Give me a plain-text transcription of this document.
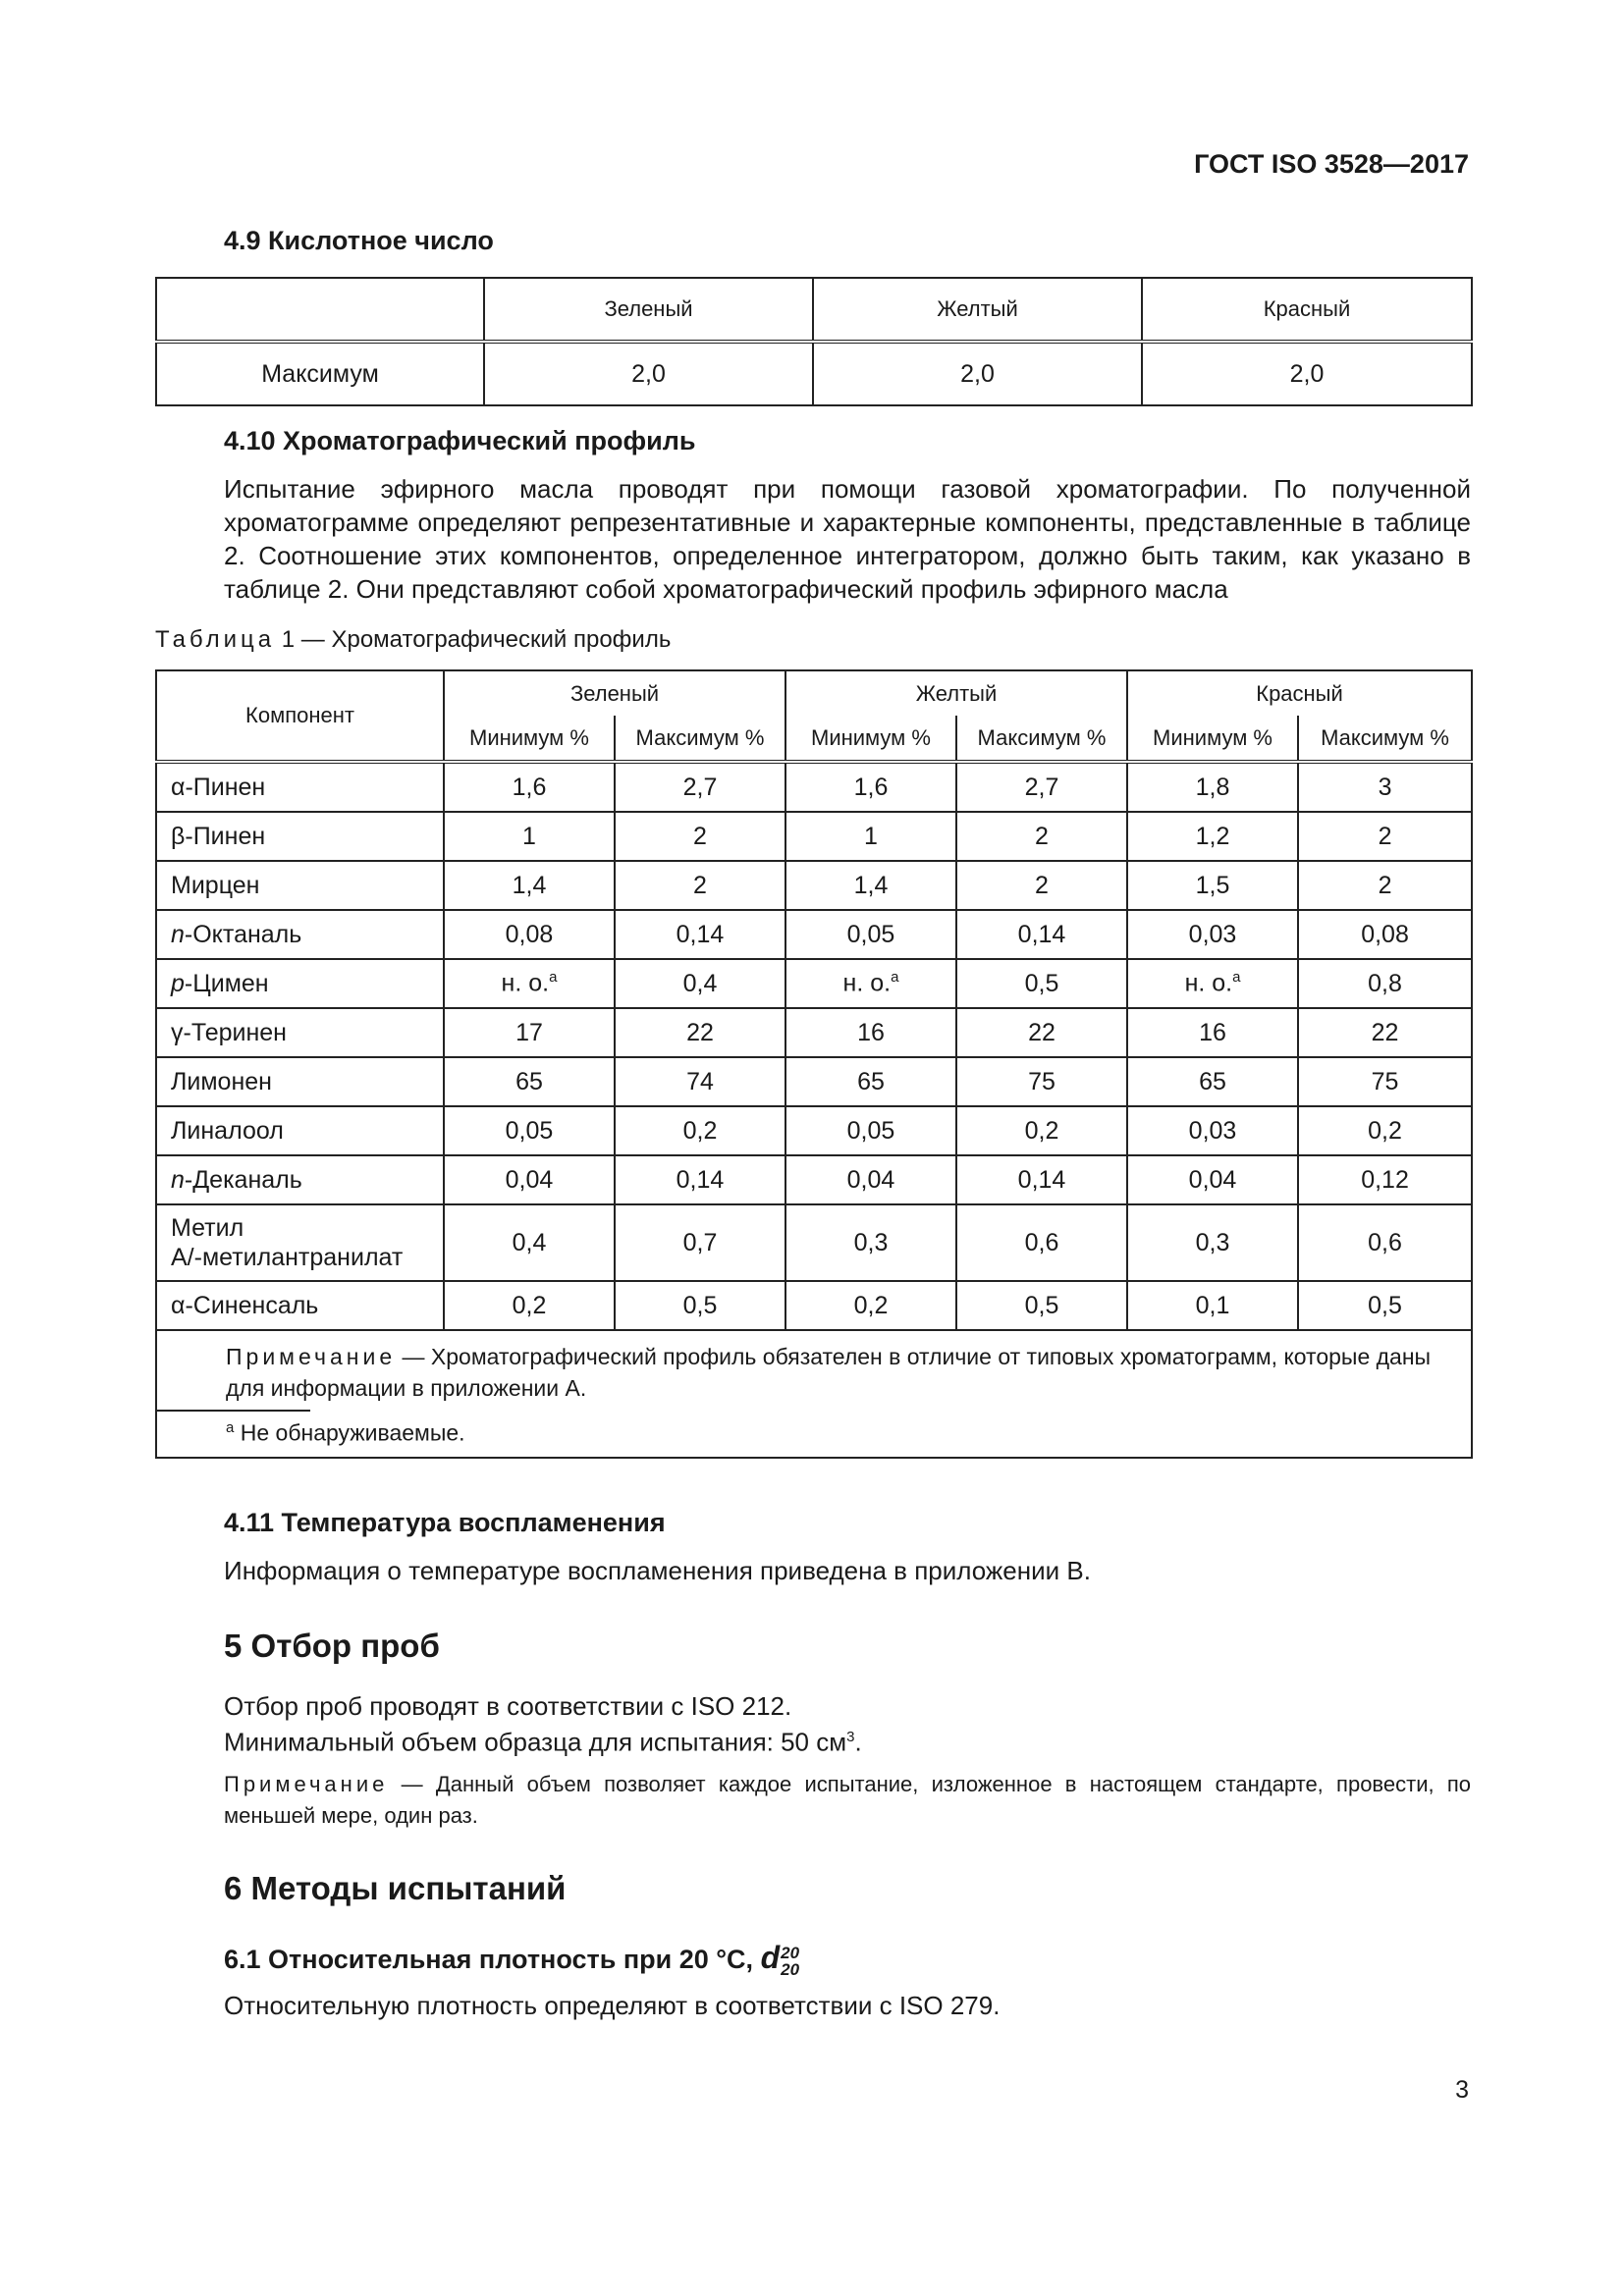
ГОСТ ISO 3528—2017
4.9 Кислотное число
	Зеленый	Желтый	Красный
Максимум	2,0	2,0	2,0
4.10 Хроматографический профиль
Испытание эфирного масла проводят при помощи газовой хроматографии. По полученной хроматограмме определяют репрезентативные и характерные компоненты, представленные в таблице 2. Соотношение этих компонентов, определенное интегратором, должно быть таким, как указано в таблице 2. Они представляют собой хроматографический профиль эфирного масла
Таблица 1 — Хроматографический профиль
Компонент	Зеленый		Желтый		Красный	
	Минимум %	Максимум %	Минимум %	Максимум %	Минимум %	Максимум %
α-Пинен	1,6	2,7	1,6	2,7	1,8	3
β-Пинен	1	2	1	2	1,2	2
Мирцен	1,4	2	1,4	2	1,5	2
n-Октаналь	0,08	0,14	0,05	0,14	0,03	0,08
p-Цимен	н. о.$^a$	0,4	н. о.$^a$	0,5	н. о.$^a$	0,8
γ-Теринен	17	22	16	22	16	22
Лимонен	65	74	65	75	65	75
Линалоол	0,05	0,2	0,05	0,2	0,03	0,2
n-Деканаль	0,04	0,14	0,04	0,14	0,04	0,12
Метил
А/-метилантранилат	0,4	0,7	0,3	0,6	0,3	0,6
α-Синенсаль	0,2	0,5	0,2	0,5	0,1	0,5
Примечание — Хроматографический профиль обязателен в отличие от типовых хроматограмм, которые даны для информации в приложении А.						

$^a$ Не обнаруживаемые.						
4.11 Температура воспламенения
Информация о температуре воспламенения приведена в приложении В.
5 Отбор проб
Отбор проб проводят в соответствии с ISO 212.
Минимальный объем образца для испытания: 50 $см^3$.
Примечание — Данный объем позволяет каждое испытание, изложенное в настоящем стандарте, провести, по меньшей мере, один раз.
6 Методы испытаний
6.1 Относительная плотность при 20 °С, d 20
20
Относительную плотность определяют в соответствии с ISO 279.
3
